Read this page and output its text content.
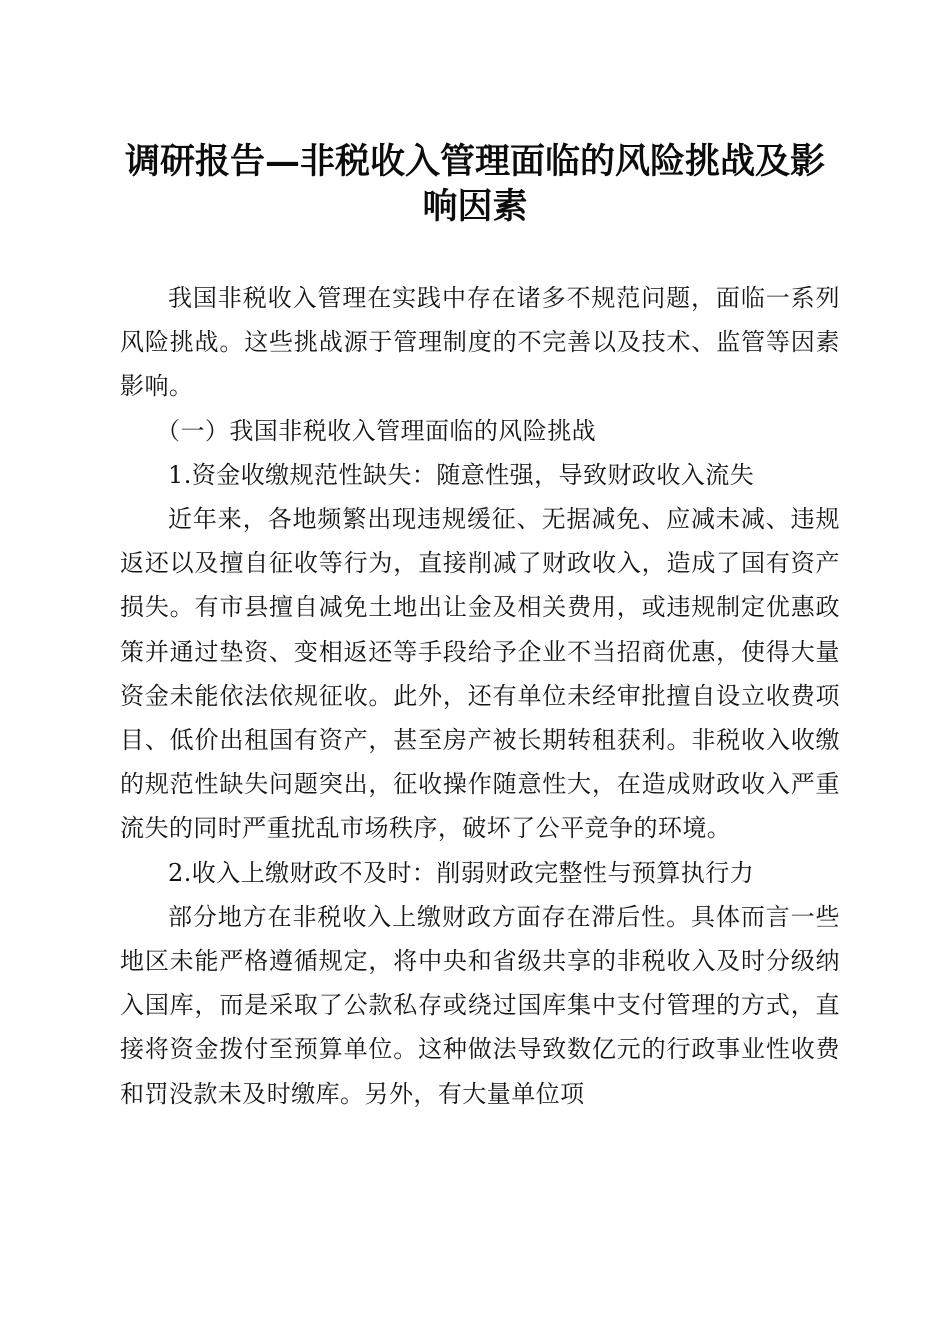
调研报告—非税收入管理面临的风险挑战及影
响因素

我国非税收入管理在实践中存在诸多不规范问题，面临一系列风险挑战。这些挑战源于管理制度的不完善以及技术、监管等因素影响。

（一）我国非税收入管理面临的风险挑战

1.资金收缴规范性缺失：随意性强，导致财政收入流失

近年来，各地频繁出现违规缓征、无据减免、应减未减、违规返还以及擅自征收等行为，直接削减了财政收入，造成了国有资产损失。有市县擅自减免土地出让金及相关费用，或违规制定优惠政策并通过垫资、变相返还等手段给予企业不当招商优惠，使得大量资金未能依法依规征收。此外，还有单位未经审批擅自设立收费项目、低价出租国有资产，甚至房产被长期转租获利。非税收入收缴的规范性缺失问题突出，征收操作随意性大，在造成财政收入严重流失的同时严重扰乱市场秩序，破坏了公平竞争的环境。

2.收入上缴财政不及时：削弱财政完整性与预算执行力

部分地方在非税收入上缴财政方面存在滞后性。具体而言一些地区未能严格遵循规定，将中央和省级共享的非税收入及时分级纳入国库，而是采取了公款私存或绕过国库集中支付管理的方式，直接将资金拨付至预算单位。这种做法导致数亿元的行政事业性收费和罚没款未及时缴库。另外，有大量单位项
